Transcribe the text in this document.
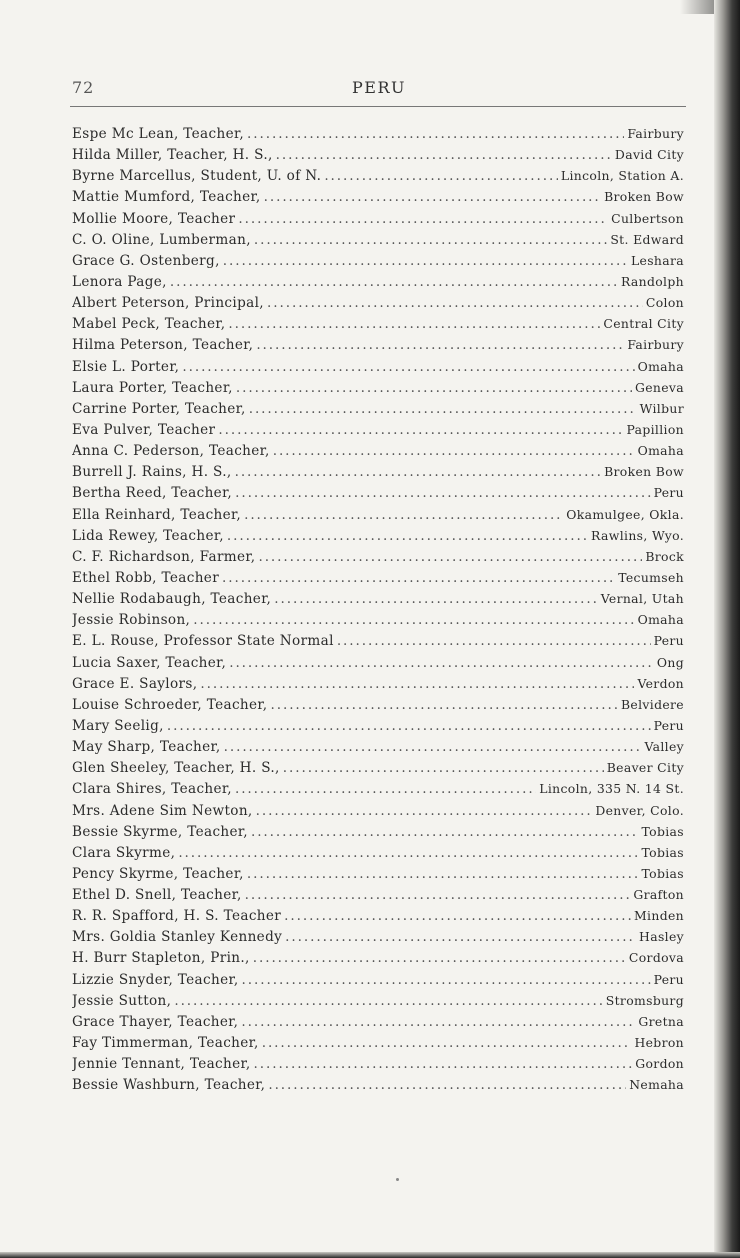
72	PERU
Espe Mc Lean, Teacher, . . .	Fairbury
Hilda Miller, Teacher, H. S., . . .	David City
Byrne Marcellus, Student, U. of N. . . .	Lincoln, Station A.
Mattie Mumford, Teacher, . . .	Broken Bow
Mollie Moore, Teacher . . .	Culbertson
C. O. Oline, Lumberman, . . .	St. Edward
Grace G. Ostenberg, . . .	Leshara
Lenora Page, . . .	Randolph
Albert Peterson, Principal, . . .	Colon
Mabel Peck, Teacher, . . .	Central City
Hilma Peterson, Teacher, . . .	Fairbury
Elsie L. Porter, . . .	Omaha
Laura Porter, Teacher, . . .	Geneva
Carrine Porter, Teacher, . . .	Wilbur
Eva Pulver, Teacher . . .	Papillion
Anna C. Pederson, Teacher, . . .	Omaha
Burrell J. Rains, H. S., . . .	Broken Bow
Bertha Reed, Teacher, . . .	Peru
Ella Reinhard, Teacher, . . .	Okamulgee, Okla.
Lida Rewey, Teacher, . . .	Rawlins, Wyo.
C. F. Richardson, Farmer, . . .	Brock
Ethel Robb, Teacher . . .	Tecumseh
Nellie Rodabaugh, Teacher, . . .	Vernal, Utah
Jessie Robinson, . . .	Omaha
E. L. Rouse, Professor State Normal . . .	Peru
Lucia Saxer, Teacher, . . .	Ong
Grace E. Saylors, . . .	Verdon
Louise Schroeder, Teacher, . . .	Belvidere
Mary Seelig, . . .	Peru
May Sharp, Teacher, . . .	Valley
Glen Sheeley, Teacher, H. S., . . .	Beaver City
Clara Shires, Teacher, . . .	Lincoln, 335 N. 14 St.
Mrs. Adene Sim Newton, . . .	Denver, Colo.
Bessie Skyrme, Teacher, . . .	Tobias
Clara Skyrme, . . .	Tobias
Pency Skyrme, Teacher, . . .	Tobias
Ethel D. Snell, Teacher, . . .	Grafton
R. R. Spafford, H. S. Teacher . . .	Minden
Mrs. Goldia Stanley Kennedy . . .	Hasley
H. Burr Stapleton, Prin., . . .	Cordova
Lizzie Snyder, Teacher, . . .	Peru
Jessie Sutton, . . .	Stromsburg
Grace Thayer, Teacher, . . .	Gretna
Fay Timmerman, Teacher, . . .	Hebron
Jennie Tennant, Teacher, . . .	Gordon
Bessie Washburn, Teacher, . . .	Nemaha
